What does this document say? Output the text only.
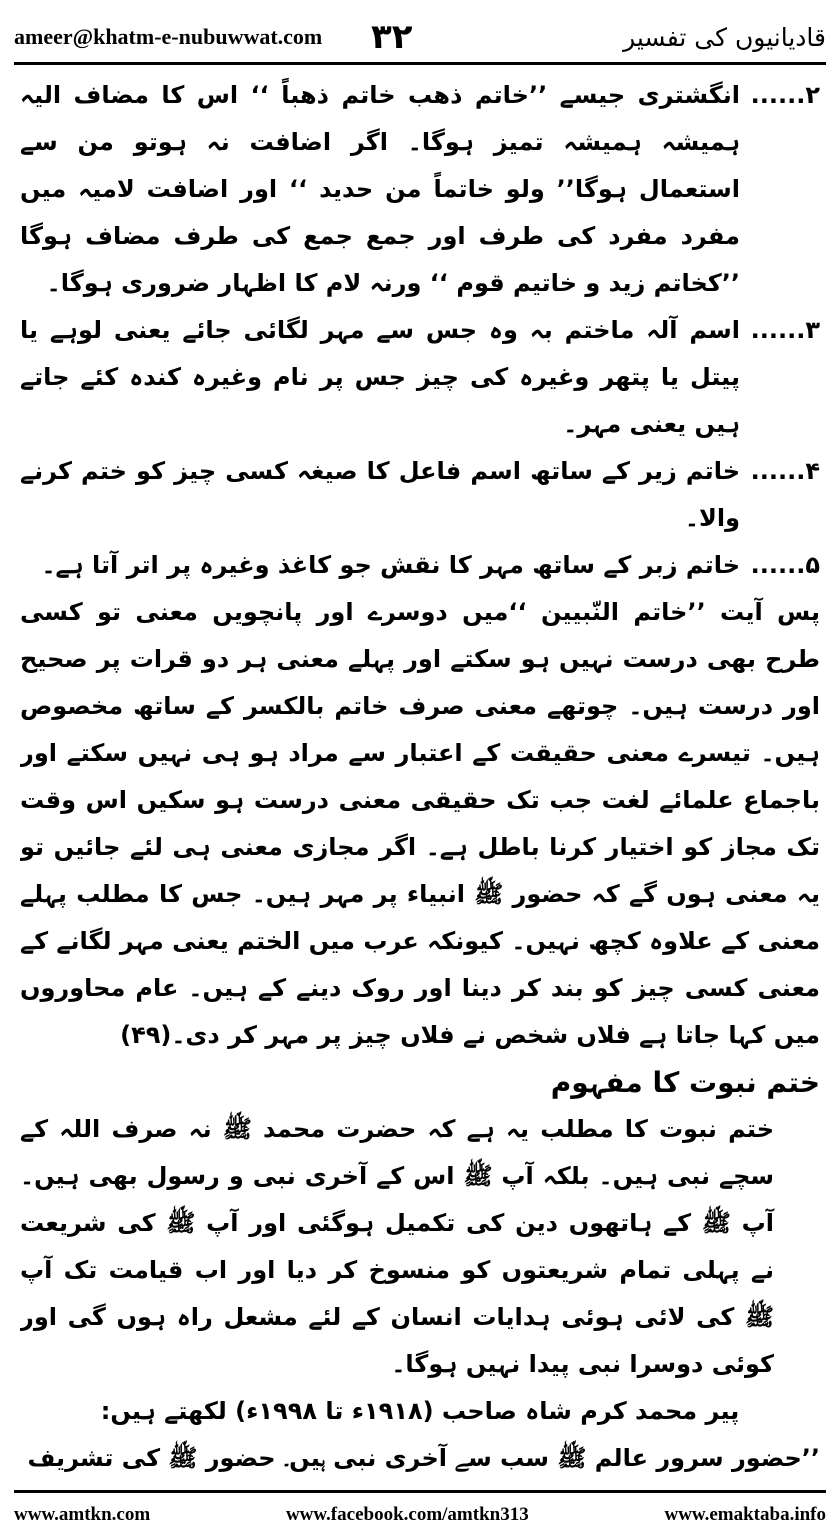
ameer@khatm-e-nubuwwat.com	۳۲	قادیانیوں کی تفسیر
۲......

انگشتری جیسے ’’خاتم ذهب خاتم ذهباً ‘‘ اس کا مضاف الیہ ہمیشہ ہمیشہ تمیز ہوگا۔ اگر اضافت نہ ہوتو من سے استعمال ہوگا’’ ولو خاتماً من حدید ‘‘ اور اضافت لامیہ میں مفرد مفرد کی طرف اور جمع جمع کی طرف مضاف ہوگا ’’کخاتم زید و خاتیم قوم ‘‘ ورنہ لام کا اظہار ضروری ہوگا۔

۳......

اسم آلہ ماختم بہ وہ جس سے مہر لگائی جائے یعنی لوہے یا پیتل یا پتھر وغیرہ کی چیز جس پر نام وغیرہ کندہ کئے جاتے ہیں یعنی مہر۔

۴......

خاتم زیر کے ساتھ اسم فاعل کا صیغہ کسی چیز کو ختم کرنے والا۔

۵......

خاتم زبر کے ساتھ مہر کا نقش جو کاغذ وغیرہ پر اتر آتا ہے۔

پس آیت ’’خاتم النّبیین ‘‘میں دوسرے اور پانچویں معنی تو کسی طرح بھی درست نہیں ہو سکتے اور پہلے معنی ہر دو قرات پر صحیح اور درست ہیں۔ چوتھے معنی صرف خاتم بالکسر کے ساتھ مخصوص ہیں۔ تیسرے معنی حقیقت کے اعتبار سے مراد ہو ہی نہیں سکتے اور باجماع علمائے لغت جب تک حقیقی معنی درست ہو سکیں اس وقت تک مجاز کو اختیار کرنا باطل ہے۔ اگر مجازی معنی ہی لئے جائیں تو یہ معنی ہوں گے کہ حضور ﷺ انبیاء پر مہر ہیں۔ جس کا مطلب پہلے معنی کے علاوہ کچھ نہیں۔ کیونکہ عرب میں الختم یعنی مہر لگانے کے معنی کسی چیز کو بند کر دینا اور روک دینے کے ہیں۔ عام محاوروں میں کہا جاتا ہے فلاں شخص نے فلاں چیز پر مہر کر دی۔(۴۹)

ختم نبوت کا مفہوم

ختم نبوت کا مطلب یہ ہے کہ حضرت محمد ﷺ نہ صرف اللہ کے سچے نبی ہیں۔ بلکہ آپ ﷺ اس کے آخری نبی و رسول بھی ہیں۔ آپ ﷺ کے ہاتھوں دین کی تکمیل ہوگئی اور آپ ﷺ کی شریعت نے پہلی تمام شریعتوں کو منسوخ کر دیا اور اب قیامت تک آپ ﷺ کی لائی ہوئی ہدایات انسان کے لئے مشعل راہ ہوں گی اور کوئی دوسرا نبی پیدا نہیں ہوگا۔

پیر محمد کرم شاہ صاحب (۱۹۱۸ء تا ۱۹۹۸ء) لکھتے ہیں:

’’حضور سرور عالم ﷺ سب سے آخری نبی ہیں۔ حضور ﷺ کی تشریف

www.amtkn.com	www.facebook.com/amtkn313	www.emaktaba.info
